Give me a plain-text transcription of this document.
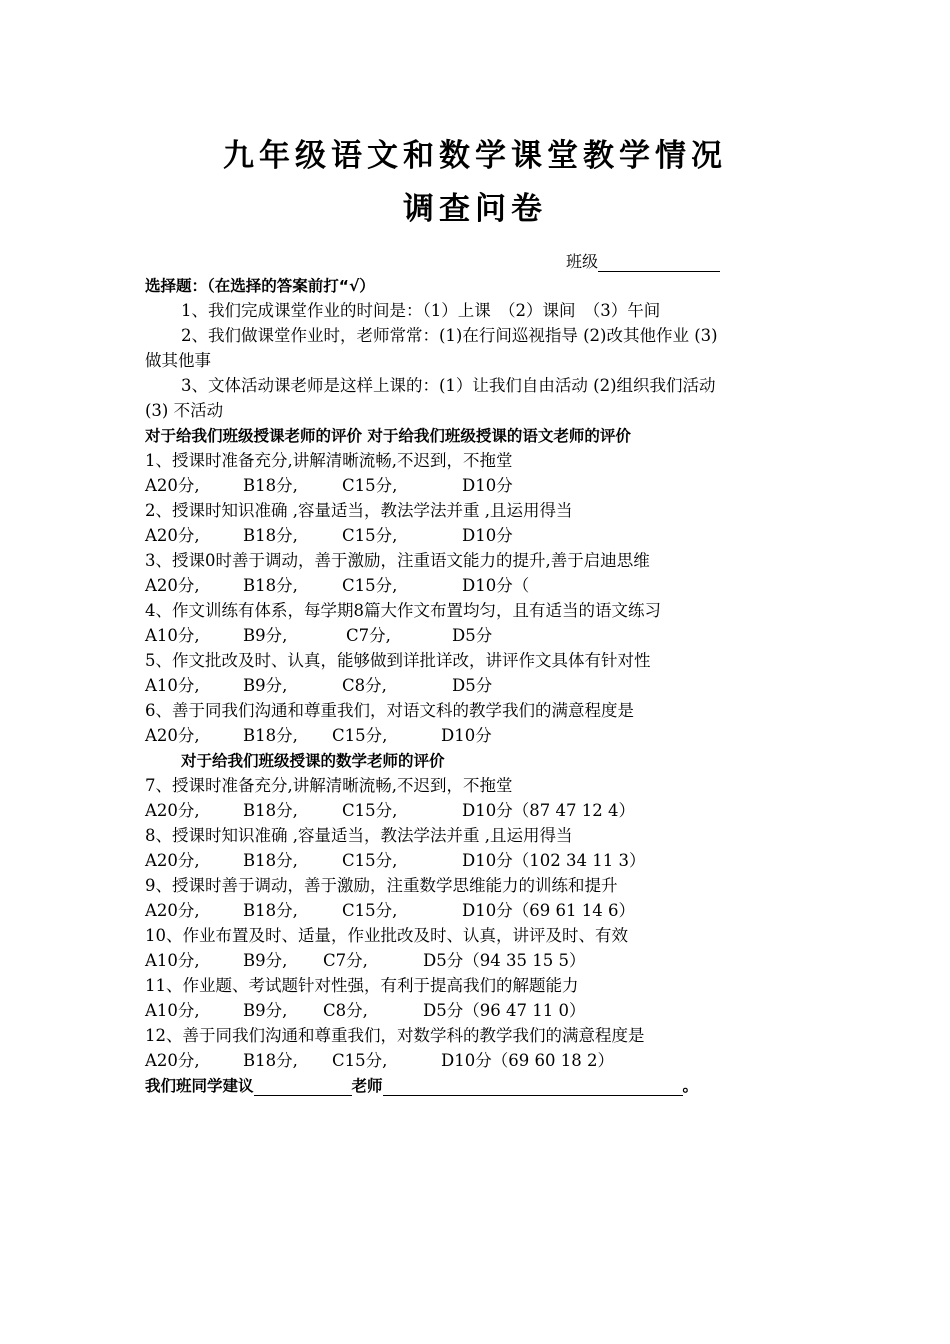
九年级语文和数学课堂教学情况
调查问卷
班级
选择题：（在选择的答案前打“√）
1、我们完成课堂作业的时间是：（1）上课　（2）课间　（3）午间
2、我们做课堂作业时，老师常常：(1)在行间巡视指导 (2)改其他作业 (3)
做其他事
3、文体活动课老师是这样上课的：(1）让我们自由活动 (2)组织我们活动
(3) 不活动
对于给我们班级授课老师的评价 对于给我们班级授课的语文老师的评价
1、授课时准备充分,讲解清晰流畅,不迟到，不拖堂
A20分,	B18分,	C15分,	D10分
2、授课时知识准确 ,容量适当，教法学法并重 ,且运用得当
A20分,	B18分,	C15分,	D10分
3、授课0时善于调动，善于激励，注重语文能力的提升,善于启迪思维
A20分,	B18分,	C15分,	D10分（
4、作文训练有体系，每学期8篇大作文布置均匀，且有适当的语文练习
A10分,	B9分,	C7分,	D5分
5、作文批改及时、认真，能够做到详批详改，讲评作文具体有针对性
A10分,	B9分,	C8分,	D5分
6、善于同我们沟通和尊重我们，对语文科的教学我们的满意程度是
A20分,	B18分, C15分,	D10分
对于给我们班级授课的数学老师的评价
7、授课时准备充分,讲解清晰流畅,不迟到，不拖堂
A20分,	B18分,	C15分,	D10分（87 47 12 4）
8、授课时知识准确 ,容量适当，教法学法并重 ,且运用得当
A20分,	B18分,	C15分,	D10分（102 34 11 3）
9、授课时善于调动，善于激励，注重数学思维能力的训练和提升
A20分,	B18分,	C15分,	D10分（69 61 14 6）
10、作业布置及时、适量，作业批改及时、认真，讲评及时、有效
A10分,	B9分, C7分,	D5分（94 35 15 5）
11、作业题、考试题针对性强，有利于提高我们的解题能力
A10分,	B9分, C8分,	D5分（96 47 11 0）
12、善于同我们沟通和尊重我们，对数学科的教学我们的满意程度是
A20分,	B18分, C15分,	D10分（69 60 18 2）
我们班同学建议	老师	。
